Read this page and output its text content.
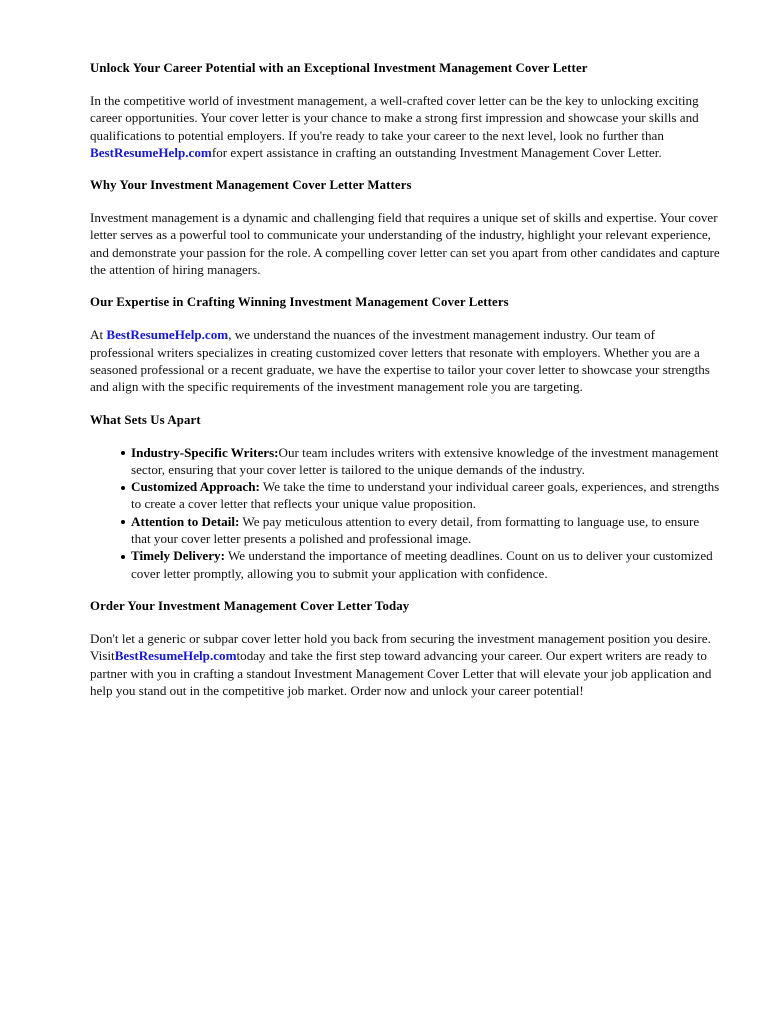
Unlock Your Career Potential with an Exceptional Investment Management Cover Letter

In the competitive world of investment management, a well-crafted cover letter can be the key to unlocking exciting career opportunities. Your cover letter is your chance to make a strong first impression and showcase your skills and qualifications to potential employers. If you're ready to take your career to the next level, look no further than BestResumeHelp.comfor expert assistance in crafting an outstanding Investment Management Cover Letter.

Why Your Investment Management Cover Letter Matters

Investment management is a dynamic and challenging field that requires a unique set of skills and expertise. Your cover letter serves as a powerful tool to communicate your understanding of the industry, highlight your relevant experience, and demonstrate your passion for the role. A compelling cover letter can set you apart from other candidates and capture the attention of hiring managers.

Our Expertise in Crafting Winning Investment Management Cover Letters

At BestResumeHelp.com, we understand the nuances of the investment management industry. Our team of professional writers specializes in creating customized cover letters that resonate with employers. Whether you are a seasoned professional or a recent graduate, we have the expertise to tailor your cover letter to showcase your strengths and align with the specific requirements of the investment management role you are targeting.

What Sets Us Apart
Industry-Specific Writers:Our team includes writers with extensive knowledge of the investment management sector, ensuring that your cover letter is tailored to the unique demands of the industry.
Customized Approach: We take the time to understand your individual career goals, experiences, and strengths to create a cover letter that reflects your unique value proposition.
Attention to Detail: We pay meticulous attention to every detail, from formatting to language use, to ensure that your cover letter presents a polished and professional image.
Timely Delivery: We understand the importance of meeting deadlines. Count on us to deliver your customized cover letter promptly, allowing you to submit your application with confidence.
Order Your Investment Management Cover Letter Today

Don't let a generic or subpar cover letter hold you back from securing the investment management position you desire. VisitBestResumeHelp.comtoday and take the first step toward advancing your career. Our expert writers are ready to partner with you in crafting a standout Investment Management Cover Letter that will elevate your job application and help you stand out in the competitive job market. Order now and unlock your career potential!
